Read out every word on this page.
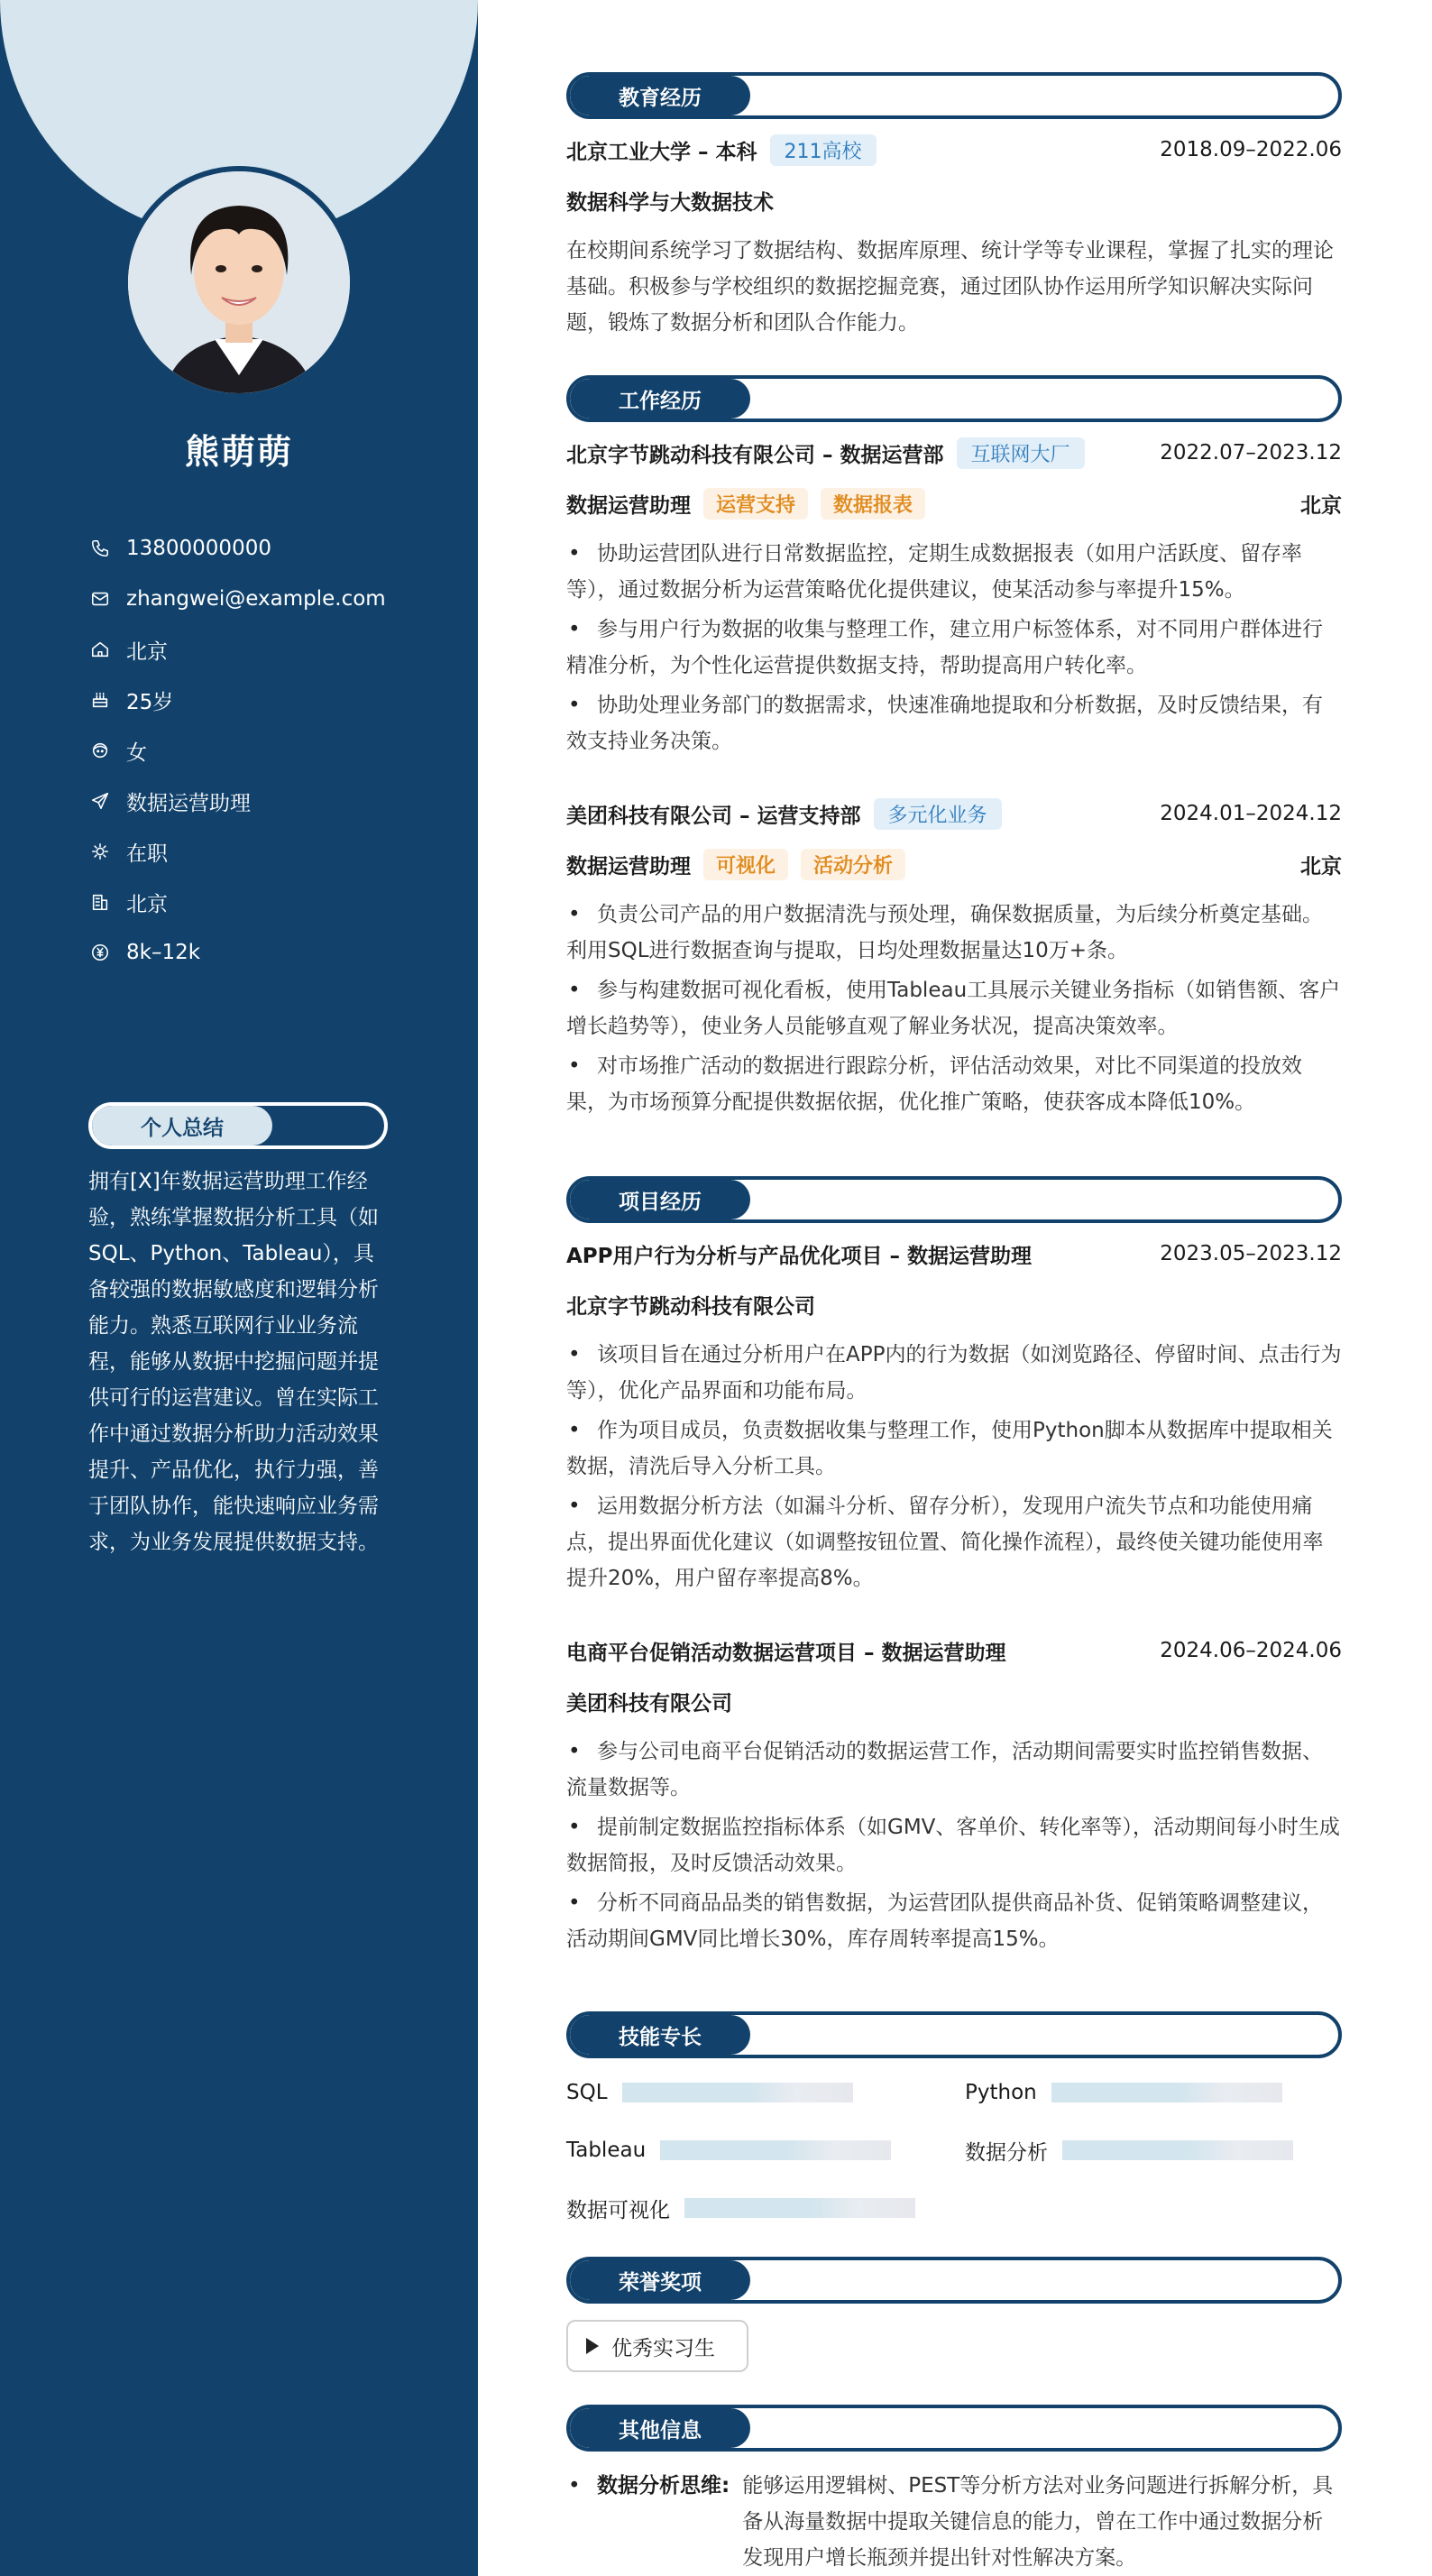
熊萌萌
13800000000
zhangwei@example.com
北京
25岁
女
数据运营助理
在职
北京
8k–12k
个人总结
拥有[X]年数据运营助理工作经验，熟练掌握数据分析工具（如SQL、Python、Tableau），具备较强的数据敏感度和逻辑分析能力。熟悉互联网行业业务流程，能够从数据中挖掘问题并提供可行的运营建议。曾在实际工作中通过数据分析助力活动效果提升、产品优化，执行力强，善于团队协作，能快速响应业务需求，为业务发展提供数据支持。
教育经历
北京工业大学 – 本科	211高校	2018.09–2022.06
数据科学与大数据技术
在校期间系统学习了数据结构、数据库原理、统计学等专业课程，掌握了扎实的理论基础。积极参与学校组织的数据挖掘竞赛，通过团队协作运用所学知识解决实际问题，锻炼了数据分析和团队合作能力。
工作经历
北京字节跳动科技有限公司 – 数据运营部	互联网大厂	2022.07–2023.12
数据运营助理	运营支持	数据报表	北京
• 协助运营团队进行日常数据监控，定期生成数据报表（如用户活跃度、留存率等），通过数据分析为运营策略优化提供建议，使某活动参与率提升15%。
• 参与用户行为数据的收集与整理工作，建立用户标签体系，对不同用户群体进行精准分析，为个性化运营提供数据支持，帮助提高用户转化率。
• 协助处理业务部门的数据需求，快速准确地提取和分析数据，及时反馈结果，有效支持业务决策。
美团科技有限公司 – 运营支持部	多元化业务	2024.01–2024.12
数据运营助理	可视化	活动分析	北京
• 负责公司产品的用户数据清洗与预处理，确保数据质量，为后续分析奠定基础。利用SQL进行数据查询与提取，日均处理数据量达10万+条。
• 参与构建数据可视化看板，使用Tableau工具展示关键业务指标（如销售额、客户增长趋势等），使业务人员能够直观了解业务状况，提高决策效率。
• 对市场推广活动的数据进行跟踪分析，评估活动效果，对比不同渠道的投放效果，为市场预算分配提供数据依据，优化推广策略，使获客成本降低10%。
项目经历
APP用户行为分析与产品优化项目 – 数据运营助理	2023.05–2023.12
北京字节跳动科技有限公司
• 该项目旨在通过分析用户在APP内的行为数据（如浏览路径、停留时间、点击行为等），优化产品界面和功能布局。
• 作为项目成员，负责数据收集与整理工作，使用Python脚本从数据库中提取相关数据，清洗后导入分析工具。
• 运用数据分析方法（如漏斗分析、留存分析），发现用户流失节点和功能使用痛点，提出界面优化建议（如调整按钮位置、简化操作流程），最终使关键功能使用率提升20%，用户留存率提高8%。
电商平台促销活动数据运营项目 – 数据运营助理	2024.06–2024.06
美团科技有限公司
• 参与公司电商平台促销活动的数据运营工作，活动期间需要实时监控销售数据、流量数据等。
• 提前制定数据监控指标体系（如GMV、客单价、转化率等），活动期间每小时生成数据简报，及时反馈活动效果。
• 分析不同商品品类的销售数据，为运营团队提供商品补货、促销策略调整建议，活动期间GMV同比增长30%，库存周转率提高15%。
技能专长
SQL	Python
Tableau	数据分析
数据可视化
荣誉奖项
优秀实习生
其他信息
• 数据分析思维: 能够运用逻辑树、PEST等分析方法对业务问题进行拆解分析，具备从海量数据中提取关键信息的能力，曾在工作中通过数据分析发现用户增长瓶颈并提出针对性解决方案。
